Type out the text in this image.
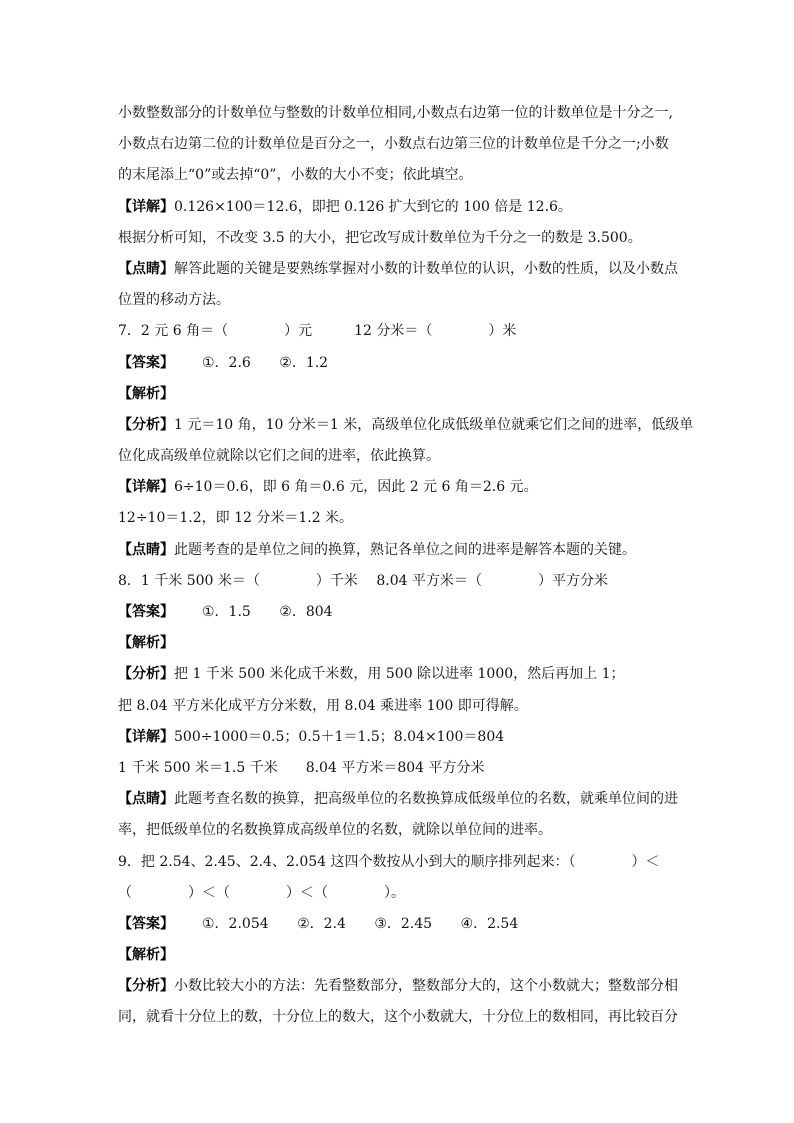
小数整数部分的计数单位与整数的计数单位相同,小数点右边第一位的计数单位是十分之一,
小数点右边第二位的计数单位是百分之一，小数点右边第三位的计数单位是千分之一;小数
的末尾添上“0”或去掉“0”，小数的大小不变；依此填空。
【详解】0.126×100＝12.6，即把 0.126 扩大到它的 100 倍是 12.6。
根据分析可知，不改变 3.5 的大小，把它改写成计数单位为千分之一的数是 3.500。
【点睛】解答此题的关键是要熟练掌握对小数的计数单位的认识，小数的性质，以及小数点
位置的移动方法。
7．2 元 6 角＝（　　　　）元　　　12 分米＝（　　　　）米
【答案】 ①．2.6　 ②．1.2
【解析】
【分析】1 元＝10 角，10 分米＝1 米，高级单位化成低级单位就乘它们之间的进率，低级单
位化成高级单位就除以它们之间的进率，依此换算。
【详解】6÷10＝0.6，即 6 角＝0.6 元，因此 2 元 6 角＝2.6 元。
12÷10＝1.2，即 12 分米＝1.2 米。
【点睛】此题考查的是单位之间的换算，熟记各单位之间的进率是解答本题的关键。
8．1 千米 500 米＝（　　　　）千米　 8.04 平方米＝（　　　　）平方分米
【答案】 ①．1.5　 ②．804
【解析】
【分析】把 1 千米 500 米化成千米数，用 500 除以进率 1000，然后再加上 1；
把 8.04 平方米化成平方分米数，用 8.04 乘进率 100 即可得解。
【详解】500÷1000＝0.5；0.5＋1＝1.5；8.04×100＝804
1 千米 500 米＝1.5 千米　　8.04 平方米＝804 平方分米
【点睛】此题考查名数的换算，把高级单位的名数换算成低级单位的名数，就乘单位间的进
率，把低级单位的名数换算成高级单位的名数，就除以单位间的进率。
9．把 2.54、2.45、2.4、2.054 这四个数按从小到大的顺序排列起来：（　　　　）＜
（　　　　）＜（　　　　）＜（　　　　）。
【答案】 ①．2.054　 ②．2.4　 ③．2.45　 ④．2.54
【解析】
【分析】小数比较大小的方法：先看整数部分，整数部分大的，这个小数就大；整数部分相
同，就看十分位上的数，十分位上的数大，这个小数就大，十分位上的数相同，再比较百分
